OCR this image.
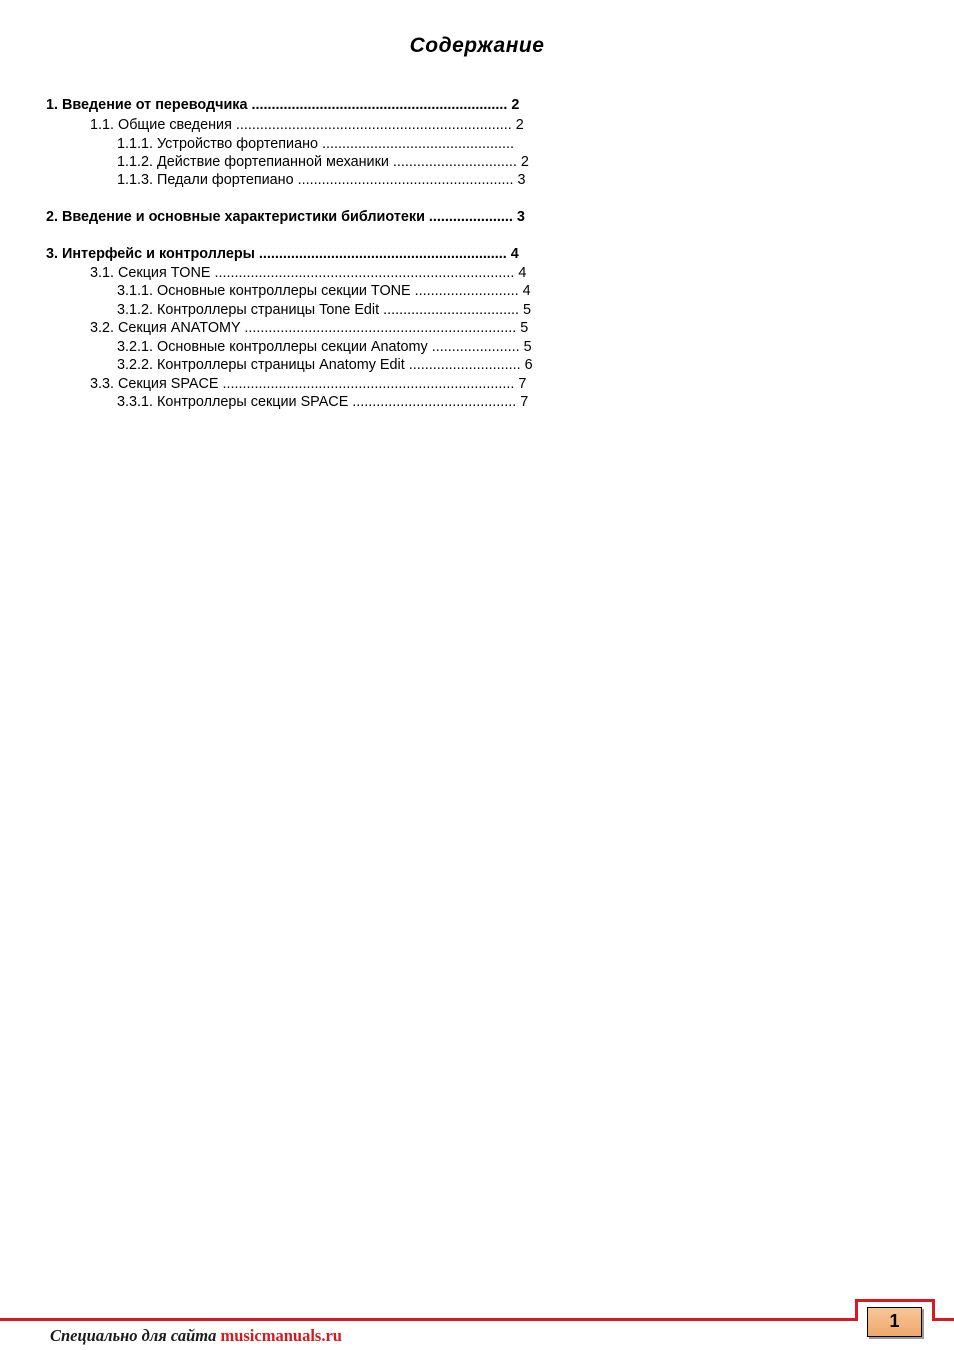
Содержание
1. Введение от переводчика ................................................................ 2
1.1. Общие сведения ..................................................................... 2
1.1.1. Устройство фортепиано ................................................
1.1.2. Действие фортепианной механики ............................... 2
1.1.3. Педали фортепиано ...................................................... 3
2. Введение и основные характеристики библиотеки ..................... 3
3. Интерфейс и контроллеры .............................................................. 4
3.1. Секция TONE ........................................................................... 4
3.1.1. Основные контроллеры секции TONE .......................... 4
3.1.2. Контроллеры страницы Tone Edit .................................. 5
3.2. Секция ANATOMY .................................................................... 5
3.2.1. Основные контроллеры секции Anatomy ...................... 5
3.2.2. Контроллеры страницы Anatomy Edit ............................ 6
3.3. Секция SPACE ......................................................................... 7
3.3.1. Контроллеры секции SPACE ......................................... 7
1
Специально для сайта musicmanuals.ru
